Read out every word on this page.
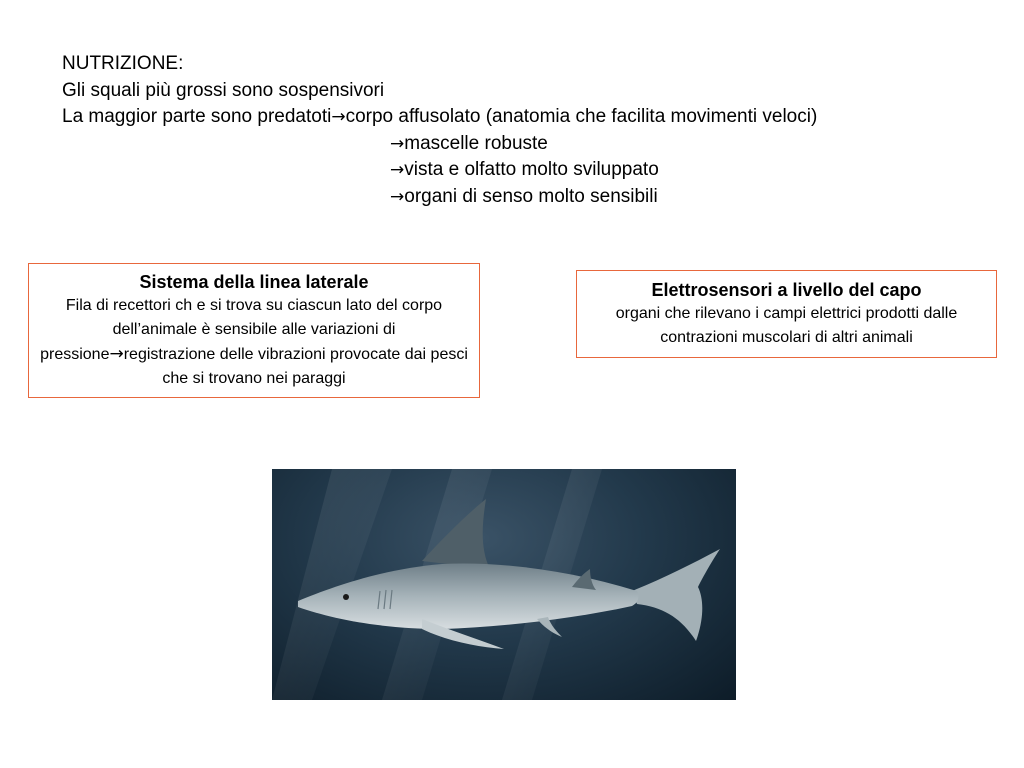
NUTRIZIONE:
Gli squali più grossi sono sospensivori
La maggior parte sono predatoti→corpo affusolato (anatomia che facilita movimenti veloci)
→mascelle robuste
→vista e olfatto molto sviluppato
→organi di senso molto sensibili
Sistema della linea laterale
Fila di recettori ch e si trova su ciascun lato del corpo dell’animale è sensibile alle variazioni di pressione→registrazione delle vibrazioni provocate dai pesci che si trovano nei paraggi
Elettrosensori a livello del capo
organi che rilevano i campi elettrici prodotti dalle contrazioni muscolari di altri animali
